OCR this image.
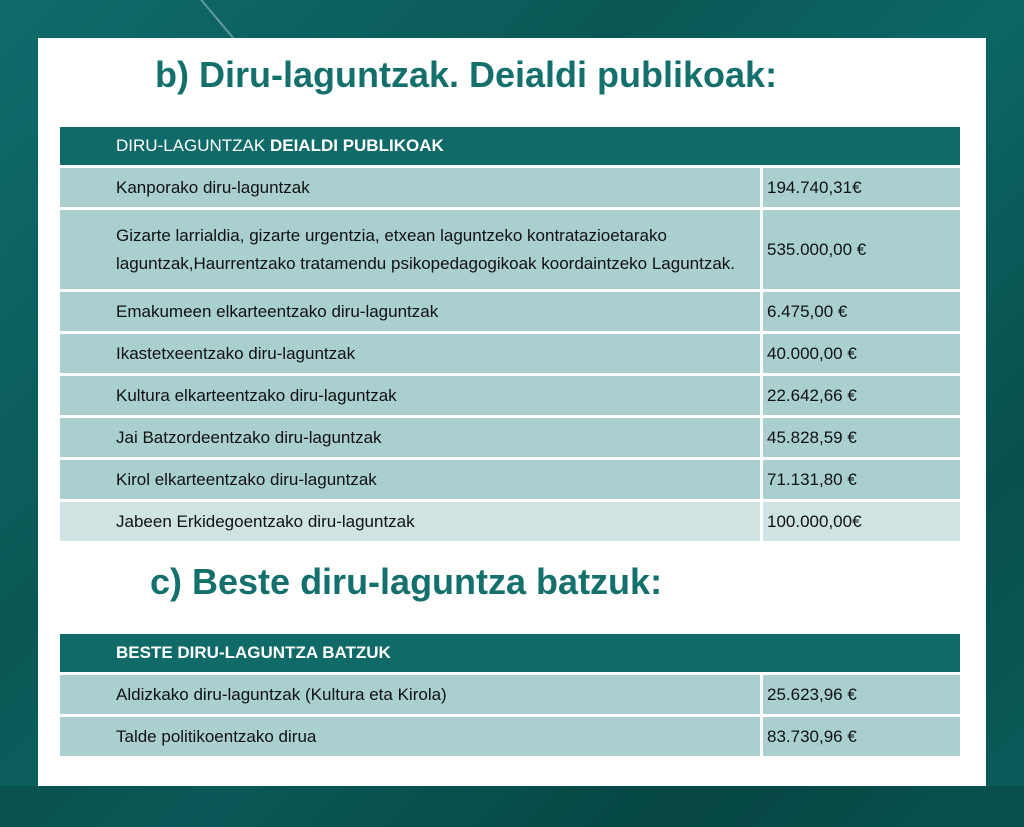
b) Diru-laguntzak. Deialdi publikoak:
DIRU-LAGUNTZAK DEIALDI PUBLIKOAK	
Kanporako diru-laguntzak	194.740,31€
Gizarte larrialdia, gizarte urgentzia, etxean laguntzeko kontratazioetarako laguntzak,Haurrentzako tratamendu psikopedagogikoak koordaintzeko Laguntzak.	535.000,00 €
Emakumeen elkarteentzako diru-laguntzak	6.475,00 €
Ikastetxeentzako diru-laguntzak	40.000,00 €
Kultura elkarteentzako diru-laguntzak	22.642,66 €
Jai Batzordeentzako diru-laguntzak	45.828,59 €
Kirol elkarteentzako diru-laguntzak	71.131,80 €
Jabeen Erkidegoentzako diru-laguntzak	100.000,00€
c) Beste diru-laguntza batzuk:
BESTE DIRU-LAGUNTZA BATZUK	
Aldizkako diru-laguntzak (Kultura eta Kirola)	25.623,96 €
Talde politikoentzako dirua	83.730,96 €
